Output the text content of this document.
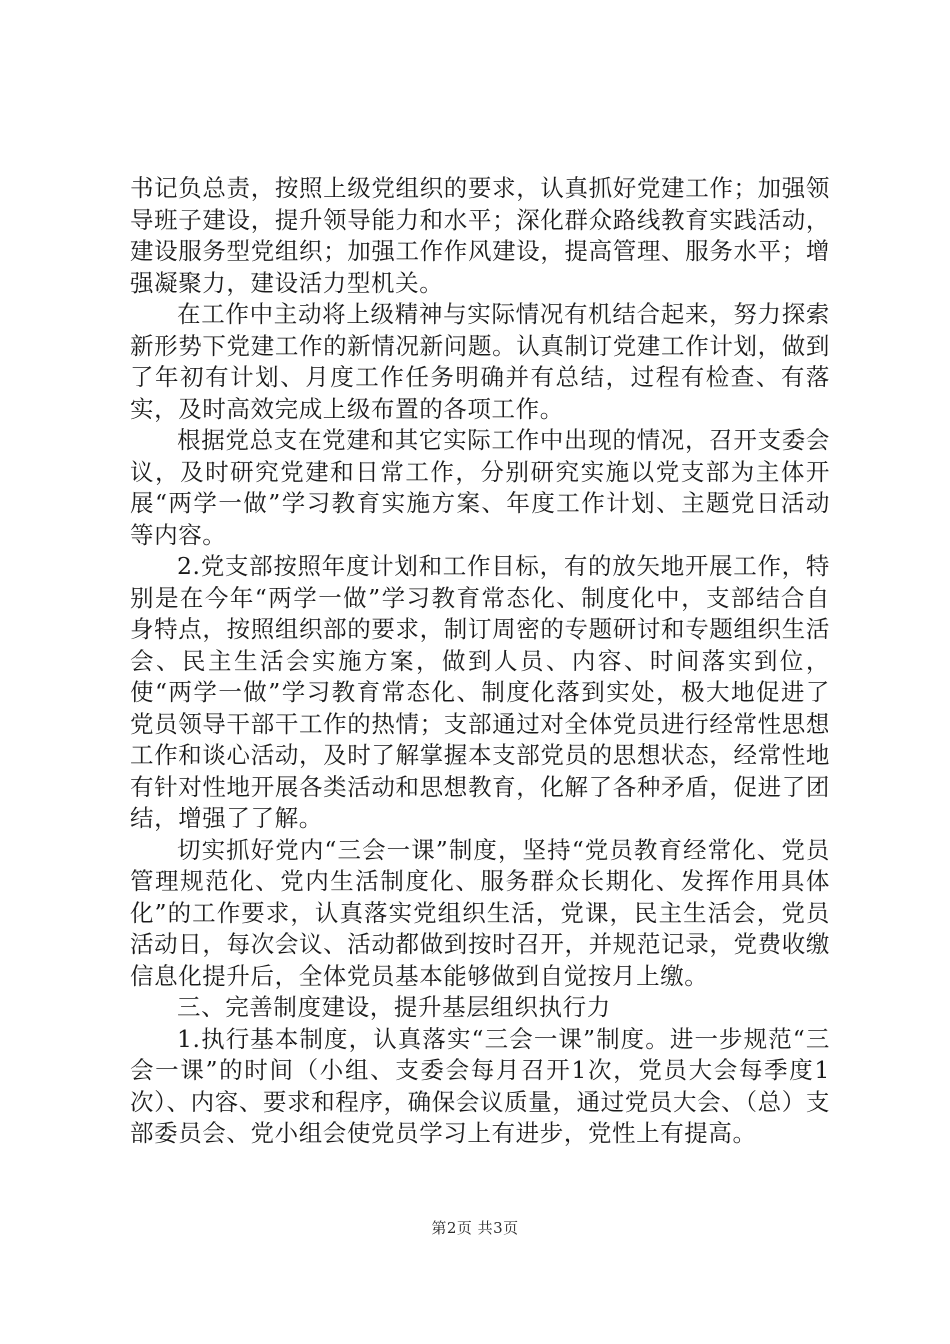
书记负总责，按照上级党组织的要求，认真抓好党建工作；加强领导班子建设，提升领导能力和水平；深化群众路线教育实践活动，建设服务型党组织；加强工作作风建设，提高管理、服务水平；增强凝聚力，建设活力型机关。

在工作中主动将上级精神与实际情况有机结合起来，努力探索新形势下党建工作的新情况新问题。认真制订党建工作计划，做到了年初有计划、月度工作任务明确并有总结，过程有检查、有落实，及时高效完成上级布置的各项工作。

根据党总支在党建和其它实际工作中出现的情况，召开支委会议，及时研究党建和日常工作，分别研究实施以党支部为主体开展“两学一做”学习教育实施方案、年度工作计划、主题党日活动等内容。

2.党支部按照年度计划和工作目标，有的放矢地开展工作，特别是在今年“两学一做”学习教育常态化、制度化中，支部结合自身特点，按照组织部的要求，制订周密的专题研讨和专题组织生活会、民主生活会实施方案，做到人员、内容、时间落实到位，使“两学一做”学习教育常态化、制度化落到实处，极大地促进了党员领导干部干工作的热情；支部通过对全体党员进行经常性思想工作和谈心活动，及时了解掌握本支部党员的思想状态，经常性地有针对性地开展各类活动和思想教育，化解了各种矛盾，促进了团结，增强了了解。

切实抓好党内“三会一课”制度，坚持“党员教育经常化、党员管理规范化、党内生活制度化、服务群众长期化、发挥作用具体化”的工作要求，认真落实党组织生活，党课，民主生活会，党员活动日，每次会议、活动都做到按时召开，并规范记录，党费收缴信息化提升后，全体党员基本能够做到自觉按月上缴。

三、完善制度建设，提升基层组织执行力

1.执行基本制度，认真落实“三会一课”制度。进一步规范“三会一课”的时间（小组、支委会每月召开1次，党员大会每季度1次）、内容、要求和程序，确保会议质量，通过党员大会、（总）支部委员会、党小组会使党员学习上有进步，党性上有提高。

第2页 共3页
